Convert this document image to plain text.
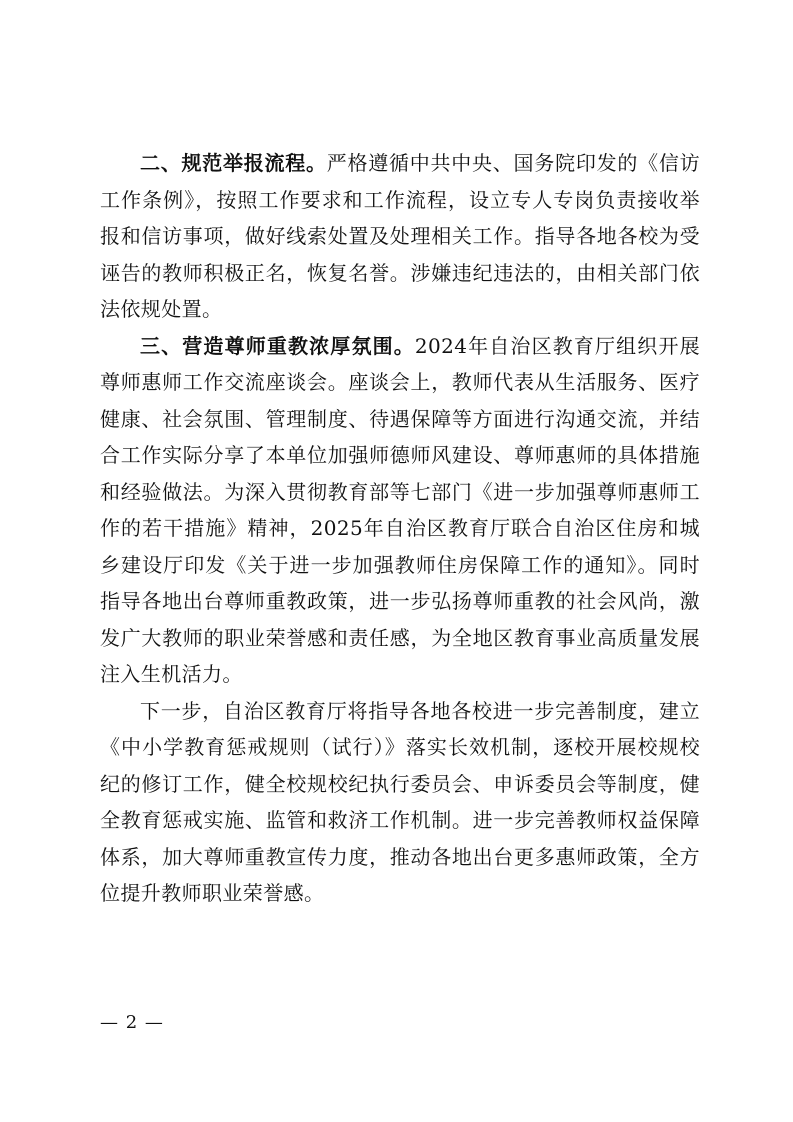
二、规范举报流程。严格遵循中共中央、国务院印发的《信访工作条例》，按照工作要求和工作流程，设立专人专岗负责接收举报和信访事项，做好线索处置及处理相关工作。指导各地各校为受诬告的教师积极正名，恢复名誉。涉嫌违纪违法的，由相关部门依法依规处置。

三、营造尊师重教浓厚氛围。2024年自治区教育厅组织开展尊师惠师工作交流座谈会。座谈会上，教师代表从生活服务、医疗健康、社会氛围、管理制度、待遇保障等方面进行沟通交流，并结合工作实际分享了本单位加强师德师风建设、尊师惠师的具体措施和经验做法。为深入贯彻教育部等七部门《进一步加强尊师惠师工作的若干措施》精神，2025年自治区教育厅联合自治区住房和城乡建设厅印发《关于进一步加强教师住房保障工作的通知》。同时指导各地出台尊师重教政策，进一步弘扬尊师重教的社会风尚，激发广大教师的职业荣誉感和责任感，为全地区教育事业高质量发展注入生机活力。

下一步，自治区教育厅将指导各地各校进一步完善制度，建立《中小学教育惩戒规则（试行）》落实长效机制，逐校开展校规校纪的修订工作，健全校规校纪执行委员会、申诉委员会等制度，健全教育惩戒实施、监管和救济工作机制。进一步完善教师权益保障体系，加大尊师重教宣传力度，推动各地出台更多惠师政策，全方位提升教师职业荣誉感。

— 2 —
